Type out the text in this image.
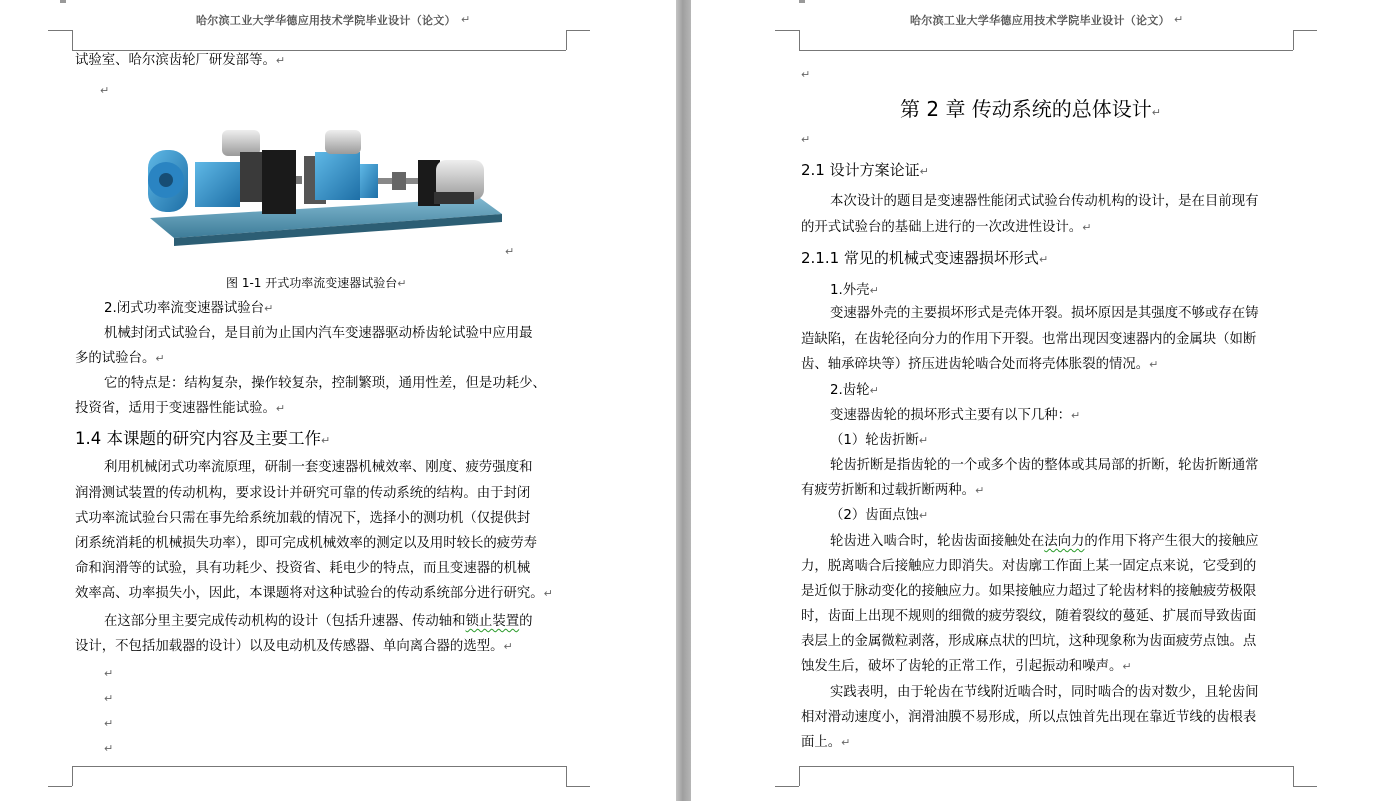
哈尔滨工业大学华德应用技术学院毕业设计（论文） ↵
试验室、哈尔滨齿轮厂研发部等。↵
↵
↵
图 1-1 开式功率流变速器试验台↵
2.闭式功率流变速器试验台↵
机械封闭式试验台，是目前为止国内汽车变速器驱动桥齿轮试验中应用最
多的试验台。↵
它的特点是：结构复杂，操作较复杂，控制繁琐，通用性差，但是功耗少、
投资省，适用于变速器性能试验。↵
1.4 本课题的研究内容及主要工作↵
利用机械闭式功率流原理，研制一套变速器机械效率、刚度、疲劳强度和
润滑测试装置的传动机构，要求设计并研究可靠的传动系统的结构。由于封闭
式功率流试验台只需在事先给系统加载的情况下，选择小的测功机（仅提供封
闭系统消耗的机械损失功率），即可完成机械效率的测定以及用时较长的疲劳寿
命和润滑等的试验，具有功耗少、投资省、耗电少的特点，而且变速器的机械
效率高、功率损失小，因此，本课题将对这种试验台的传动系统部分进行研究。↵
在这部分里主要完成传动机构的设计（包括升速器、传动轴和锁止装置的
设计，不包括加载器的设计）以及电动机及传感器、单向离合器的选型。↵
↵
↵
↵
↵
哈尔滨工业大学华德应用技术学院毕业设计（论文） ↵
↵
第 2 章 传动系统的总体设计↵
↵
2.1 设计方案论证↵
本次设计的题目是变速器性能闭式试验台传动机构的设计，是在目前现有
的开式试验台的基础上进行的一次改进性设计。↵
2.1.1 常见的机械式变速器损坏形式↵
1.外壳↵
变速器外壳的主要损坏形式是壳体开裂。损坏原因是其强度不够或存在铸
造缺陷，在齿轮径向分力的作用下开裂。也常出现因变速器内的金属块（如断
齿、轴承碎块等）挤压进齿轮啮合处而将壳体胀裂的情况。↵
2.齿轮↵
变速器齿轮的损坏形式主要有以下几种：↵
（1）轮齿折断↵
轮齿折断是指齿轮的一个或多个齿的整体或其局部的折断，轮齿折断通常
有疲劳折断和过载折断两种。↵
（2）齿面点蚀↵
轮齿进入啮合时，轮齿齿面接触处在法向力的作用下将产生很大的接触应
力，脱离啮合后接触应力即消失。对齿廓工作面上某一固定点来说，它受到的
是近似于脉动变化的接触应力。如果接触应力超过了轮齿材料的接触疲劳极限
时，齿面上出现不规则的细微的疲劳裂纹，随着裂纹的蔓延、扩展而导致齿面
表层上的金属微粒剥落，形成麻点状的凹坑，这种现象称为齿面疲劳点蚀。点
蚀发生后，破坏了齿轮的正常工作，引起振动和噪声。↵
实践表明，由于轮齿在节线附近啮合时，同时啮合的齿对数少，且轮齿间
相对滑动速度小，润滑油膜不易形成，所以点蚀首先出现在靠近节线的齿根表
面上。↵
